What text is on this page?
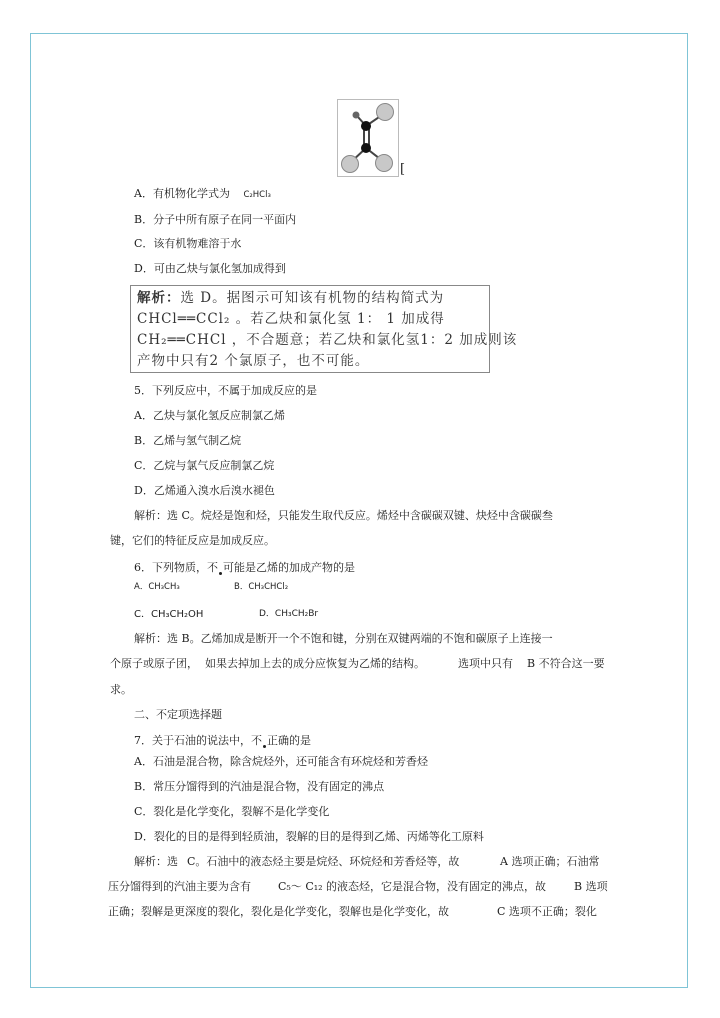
[
A．有机物化学式为 C₂HCl₃
B．分子中所有原子在同一平面内
C．该有机物难溶于水
D．可由乙炔与氯化氢加成得到
解析：选 D。据图示可知该有机物的结构简式为
CHCl══CCl₂ 。若乙炔和氯化氢 1： 1 加成得
CH₂══CHCl ，不合题意；若乙炔和氯化氢1：2 加成则该
产物中只有2 个氯原子，也不可能。
5．下列反应中，不属于加成反应的是
A．乙炔与氯化氢反应制氯乙烯
B．乙烯与氢气制乙烷
C．乙烷与氯气反应制氯乙烷
D．乙烯通入溴水后溴水褪色
解析：选 C。烷烃是饱和烃，只能发生取代反应。烯烃中含碳碳双键、炔烃中含碳碳叁
键，它们的特征反应是加成反应。
6．下列物质，不 可能是乙烯的加成产物的是
A．CH₃CH₃	B．CH₃CHCl₂
C．CH₃CH₂OH	D．CH₃CH₂Br
解析：选 B。乙烯加成是断开一个不饱和键，分别在双键两端的不饱和碳原子上连接一
个原子或原子团， 如果去掉加上去的成分应恢复为乙烯的结构。	选项中只有 B 不符合这一要
求。
二、不定项选择题
7．关于石油的说法中，不 正确的是
A．石油是混合物，除含烷烃外，还可能含有环烷烃和芳香烃
B．常压分馏得到的汽油是混合物，没有固定的沸点
C．裂化是化学变化，裂解不是化学变化
D．裂化的目的是得到轻质油，裂解的目的是得到乙烯、丙烯等化工原料
解析：选 C。石油中的液态烃主要是烷烃、环烷烃和芳香烃等，故	A 选项正确；石油常
压分馏得到的汽油主要为含有 C₅～ C₁₂ 的液态烃，它是混合物，没有固定的沸点，故	B 选项
正确；裂解是更深度的裂化，裂化是化学变化，裂解也是化学变化，故	C 选项不正确；裂化
